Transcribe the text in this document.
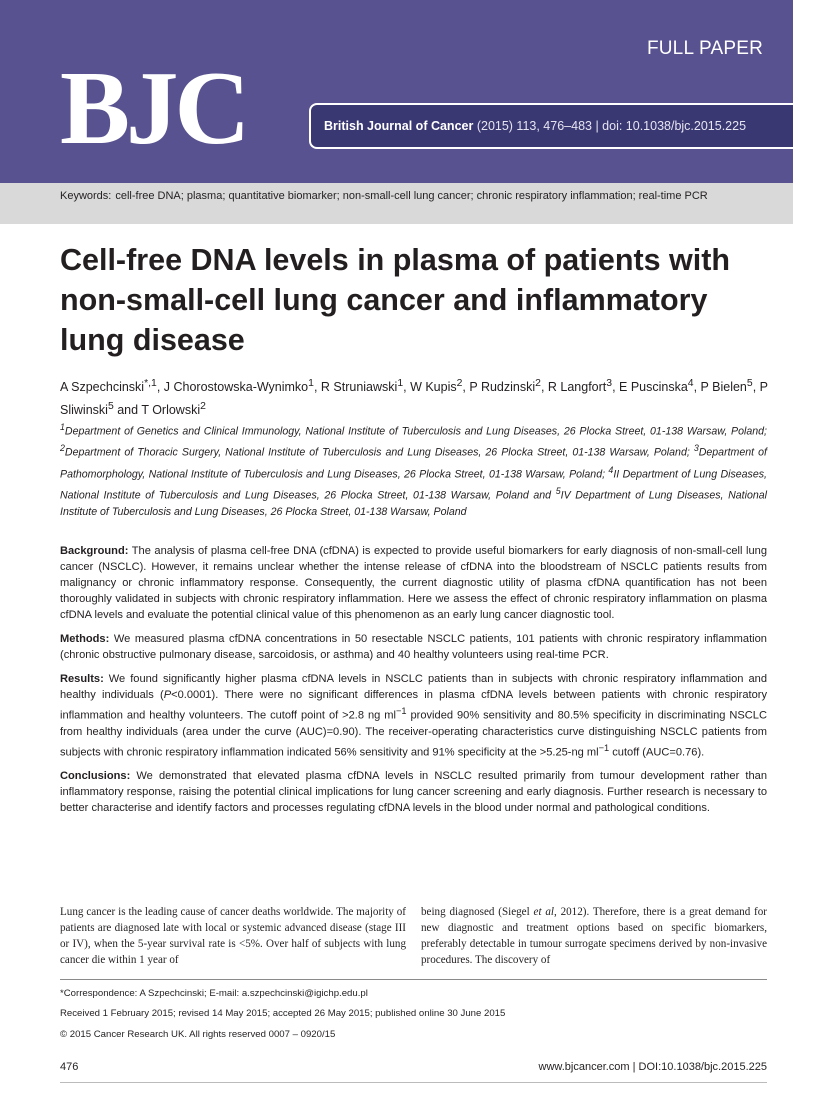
FULL PAPER
BJC	British Journal of Cancer
(2015) 113, 476–483 | doi: 10.1038/bjc.2015.225
Keywords: cell-free DNA; plasma; quantitative biomarker; non-small-cell lung cancer; chronic respiratory inflammation; real-time PCR
Cell-free DNA levels in plasma of patients with non-small-cell lung cancer and inflammatory lung disease
A Szpechcinski$^{*,1}$, J Chorostowska-Wynimko$^1$, R Struniawski$^1$, W Kupis$^2$, P Rudzinski$^2$, R Langfort$^3$, E Puscinska$^4$, P Bielen$^5$, P Sliwinski$^5$ and T Orlowski$^2$
$^1$Department of Genetics and Clinical Immunology, National Institute of Tuberculosis and Lung Diseases, 26 Plocka Street, 01-138 Warsaw, Poland; $^2$Department of Thoracic Surgery, National Institute of Tuberculosis and Lung Diseases, 26 Plocka Street, 01-138 Warsaw, Poland; $^3$Department of Pathomorphology, National Institute of Tuberculosis and Lung Diseases, 26 Plocka Street, 01-138 Warsaw, Poland; $^4$II Department of Lung Diseases, National Institute of Tuberculosis and Lung Diseases, 26 Plocka Street, 01-138 Warsaw, Poland and $^5$IV Department of Lung Diseases, National Institute of Tuberculosis and Lung Diseases, 26 Plocka Street, 01-138 Warsaw, Poland

Background: The analysis of plasma cell-free DNA (cfDNA) is expected to provide useful biomarkers for early diagnosis of non-small-cell lung cancer (NSCLC). However, it remains unclear whether the intense release of cfDNA into the bloodstream of NSCLC patients results from malignancy or chronic inflammatory response. Consequently, the current diagnostic utility of plasma cfDNA quantification has not been thoroughly validated in subjects with chronic respiratory inflammation. Here we assess the effect of chronic respiratory inflammation on plasma cfDNA levels and evaluate the potential clinical value of this phenomenon as an early lung cancer diagnostic tool.

Methods: We measured plasma cfDNA concentrations in 50 resectable NSCLC patients, 101 patients with chronic respiratory inflammation (chronic obstructive pulmonary disease, sarcoidosis, or asthma) and 40 healthy volunteers using real-time PCR.

Results: We found significantly higher plasma cfDNA levels in NSCLC patients than in subjects with chronic respiratory inflammation and healthy individuals (P<0.0001). There were no significant differences in plasma cfDNA levels between patients with chronic respiratory inflammation and healthy volunteers. The cutoff point of >2.8 ng $ml^{-1}$ provided 90% sensitivity and 80.5% specificity in discriminating NSCLC from healthy individuals (area under the curve (AUC)=0.90). The receiver-operating characteristics curve distinguishing NSCLC patients from subjects with chronic respiratory inflammation indicated 56% sensitivity and 91% specificity at the >5.25-ng $ml^{-1}$ cutoff (AUC=0.76).

Conclusions: We demonstrated that elevated plasma cfDNA levels in NSCLC resulted primarily from tumour development rather than inflammatory response, raising the potential clinical implications for lung cancer screening and early diagnosis. Further research is necessary to better characterise and identify factors and processes regulating cfDNA levels in the blood under normal and pathological conditions.

Lung cancer is the leading cause of cancer deaths worldwide. The majority of patients are diagnosed late with local or systemic advanced disease (stage III or IV), when the 5-year survival rate is <5%. Over half of subjects with lung cancer die within 1 year of
being diagnosed (Siegel et al, 2012). Therefore, there is a great demand for new diagnostic and treatment options based on specific biomarkers, preferably detectable in tumour surrogate specimens derived by non-invasive procedures. The discovery of
*Correspondence: A Szpechcinski; E-mail: a.szpechcinski@igichp.edu.pl
Received 1 February 2015; revised 14 May 2015; accepted 26 May 2015; published online 30 June 2015
© 2015 Cancer Research UK. All rights reserved 0007 – 0920/15
476	www.bjcancer.com | DOI:10.1038/bjc.2015.225
